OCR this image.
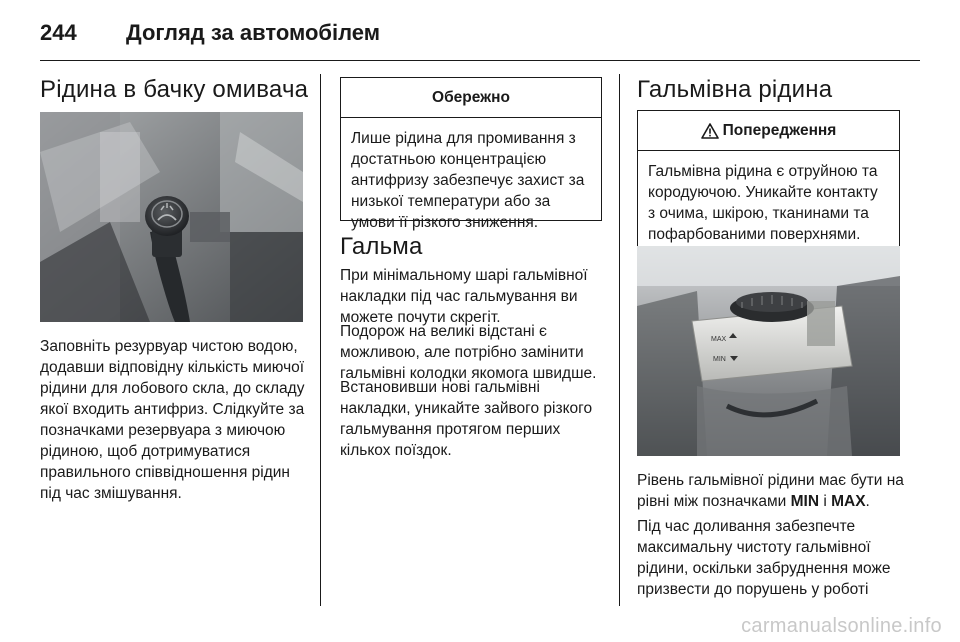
244 Догляд за автомобілем
Рідина в бачку омивача

Заповніть резурвуар чистою водою, додавши відповідну кількість миючої рідини для лобового скла, до складу якої входить антифриз. Слідкуйте за позначками резервуара з миючою рідиною, щоб дотримуватися правильного співвідношення рідин під час змішування.

Обережно
Лише рідина для промивання з достатньою концентрацією антифризу забезпечує захист за низької температури або за умови її різкого зниження.
Гальма

При мінімальному шарі гальмівної накладки під час гальмування ви можете почути скрегіт.

Подорож на великі відстані є можливою, але потрібно замінити гальмівні колодки якомога швидше.

Встановивши нові гальмівні накладки, уникайте зайвого різкого гальмування протягом перших кількох поїздок.

Гальмівна рідина
Попередження
Гальмівна рідина є отруйною та кородуючою. Уникайте контакту з очима, шкірою, тканинами та пофарбованими поверхнями.
MAX
MIN

Рівень гальмівної рідини має бути на рівні між позначками MIN і MAX.

Під час доливання забезпечте максимальну чистоту гальмівної рідини, оскільки забруднення може призвести до порушень у роботі

carmanualsonline.info
